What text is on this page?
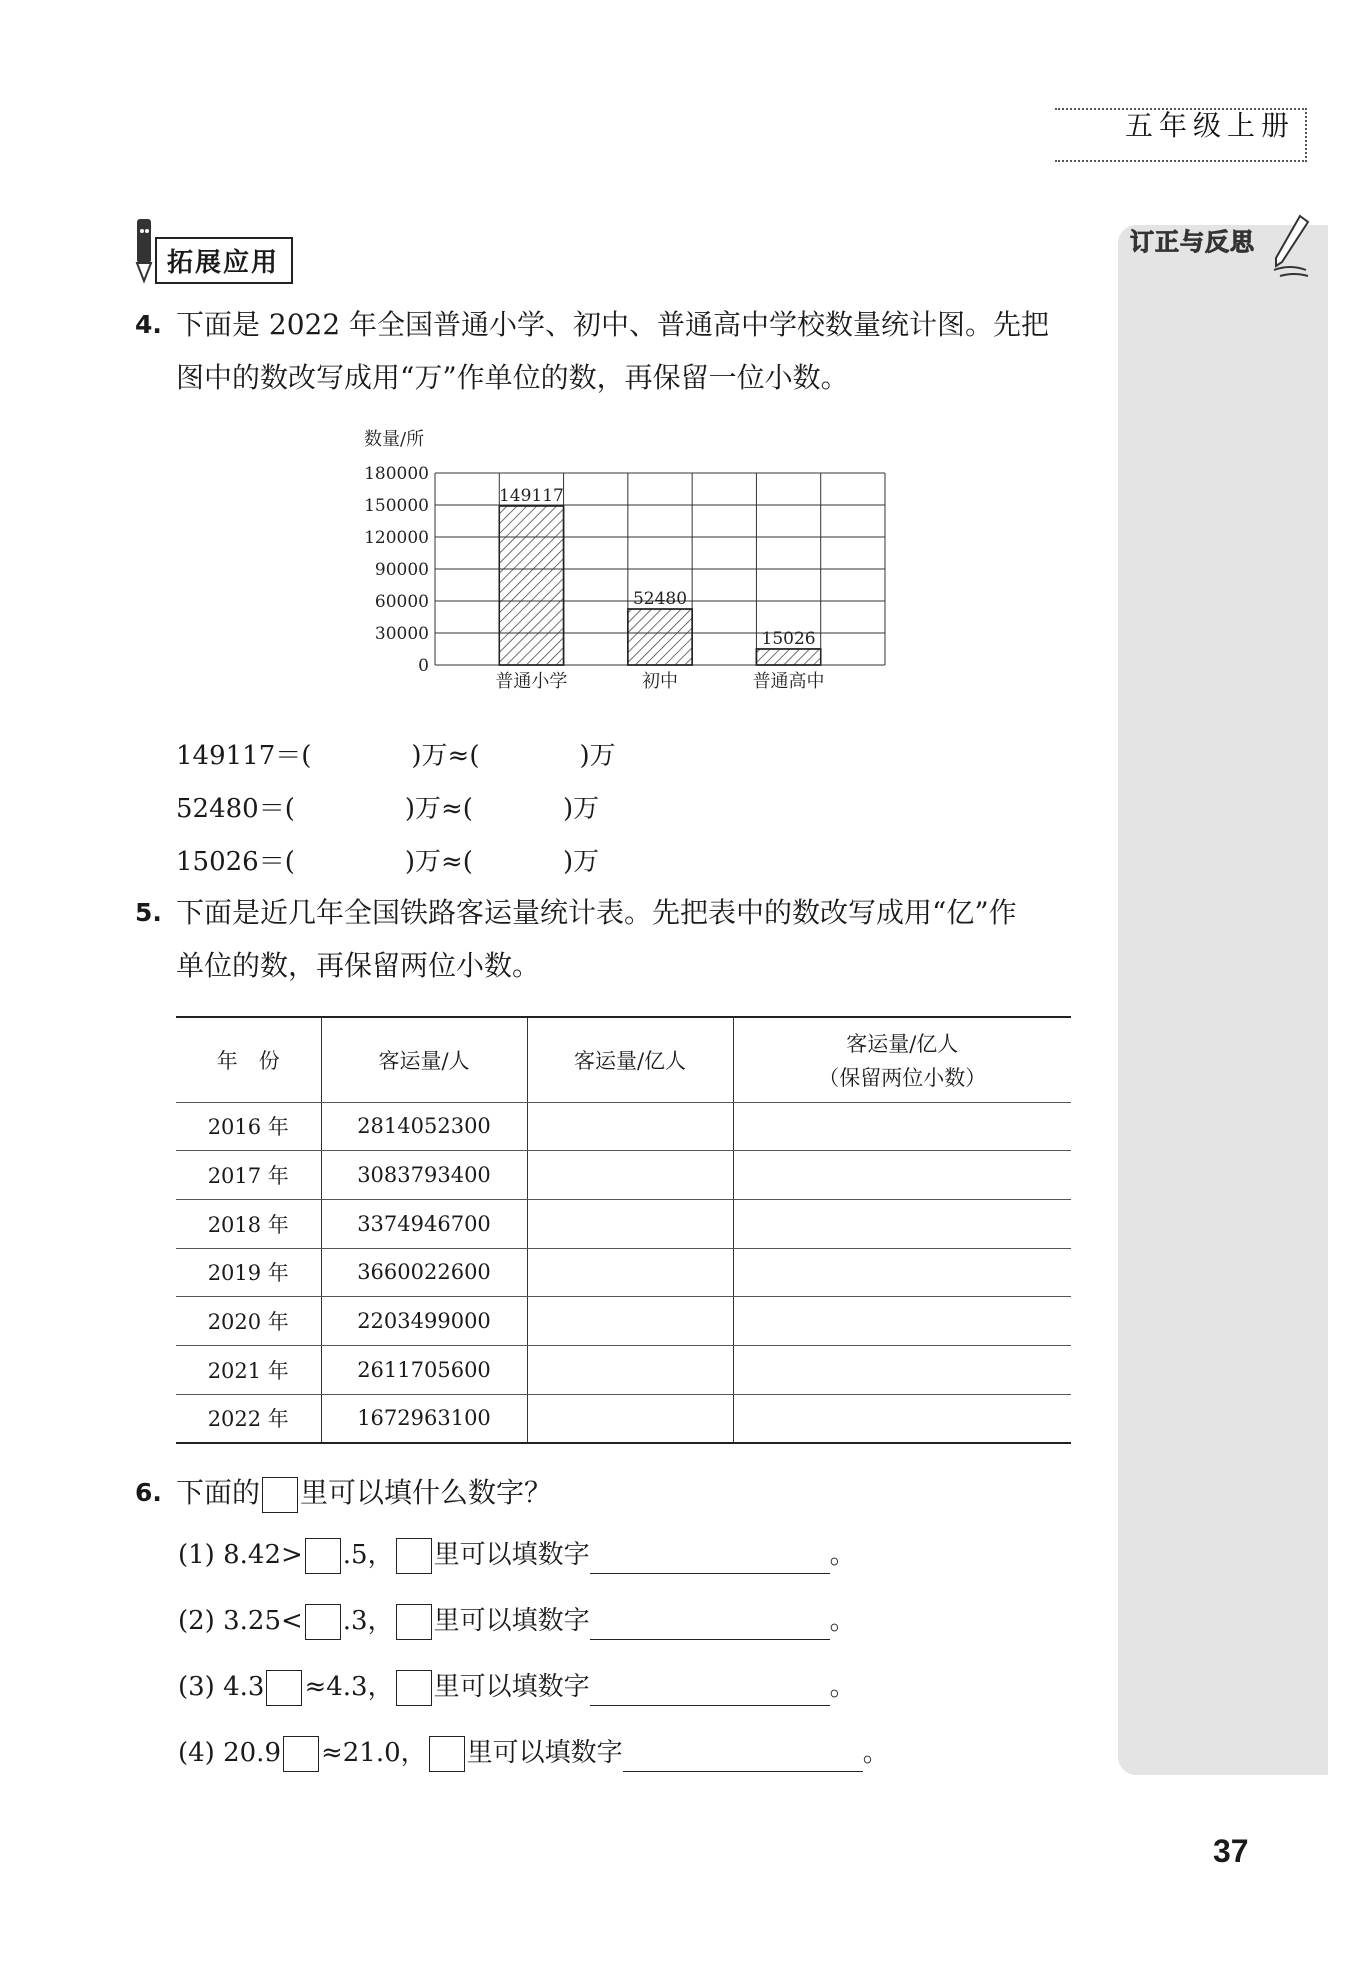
五年级上册
订正与反思
拓展应用
4. 下面是 2022 年全国普通小学、初中、普通高中学校数量统计图。先把
图中的数改写成用“万”作单位的数，再保留一位小数。
数量/所
0
30000
60000
90000
120000
150000
180000
149117
52480
15026
普通小学	初中	普通高中
149117＝(	)万≈(	)万
52480＝(	)万≈(	)万
15026＝(	)万≈(	)万
5. 下面是近几年全国铁路客运量统计表。先把表中的数改写成用“亿”作
单位的数，再保留两位小数。
年　份	客运量/人	客运量/亿人	客运量/亿人
（保留两位小数）

2016 年	2814052300		
2017 年	3083793400		
2018 年	3374946700		
2019 年	3660022600		
2020 年	2203499000		
2021 年	2611705600		
2022 年	1672963100		
6. 下面的 里可以填什么数字？
(1) 8.42> .5， 里可以填数字	。
(2) 3.25< .3， 里可以填数字	。
(3) 4.3 ≈4.3， 里可以填数字	。
(4) 20.9 ≈21.0， 里可以填数字	。
37
